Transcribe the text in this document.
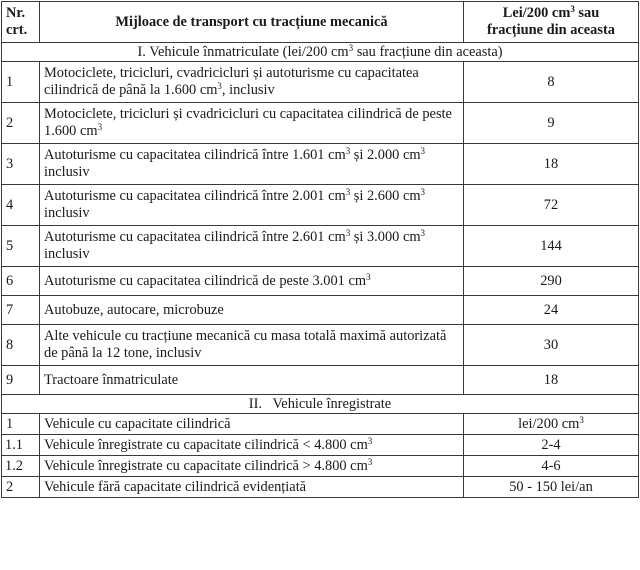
Nr.
crt.	Mijloace de transport cu tracțiune mecanică	Lei/200 $cm^3$ sau
fracțiune din aceasta
I. Vehicule înmatriculate (lei/200 $cm^3$ sau fracțiune din aceasta)		
1	Motociclete, tricicluri, cvadricicluri și autoturisme cu capacitatea cilindrică de până la 1.600 $cm^3$, inclusiv	8
2	Motociclete, tricicluri și cvadricicluri cu capacitatea cilindrică de peste 1.600 $cm^3$	9
3	Autoturisme cu capacitatea cilindrică între 1.601 $cm^3$ și 2.000 $cm^3$ inclusiv	18
4	Autoturisme cu capacitatea cilindrică între 2.001 $cm^3$ și 2.600 $cm^3$ inclusiv	72
5	Autoturisme cu capacitatea cilindrică între 2.601 $cm^3$ și 3.000 $cm^3$ inclusiv	144
6	Autoturisme cu capacitatea cilindrică de peste 3.001 $cm^3$	290
7	Autobuze, autocare, microbuze	24
8	Alte vehicule cu tracțiune mecanică cu masa totală maximă autorizată de până la 12 tone, inclusiv	30
9	Tractoare înmatriculate	18
II.   Vehicule înregistrate		
1	Vehicule cu capacitate cilindrică	lei/200 $cm^3$
1.1	Vehicule înregistrate cu capacitate cilindrică < 4.800 $cm^3$	2-4
1.2	Vehicule înregistrate cu capacitate cilindrică > 4.800 $cm^3$	4-6
2	Vehicule fără capacitate cilindrică evidențiată	50 - 150 lei/an
